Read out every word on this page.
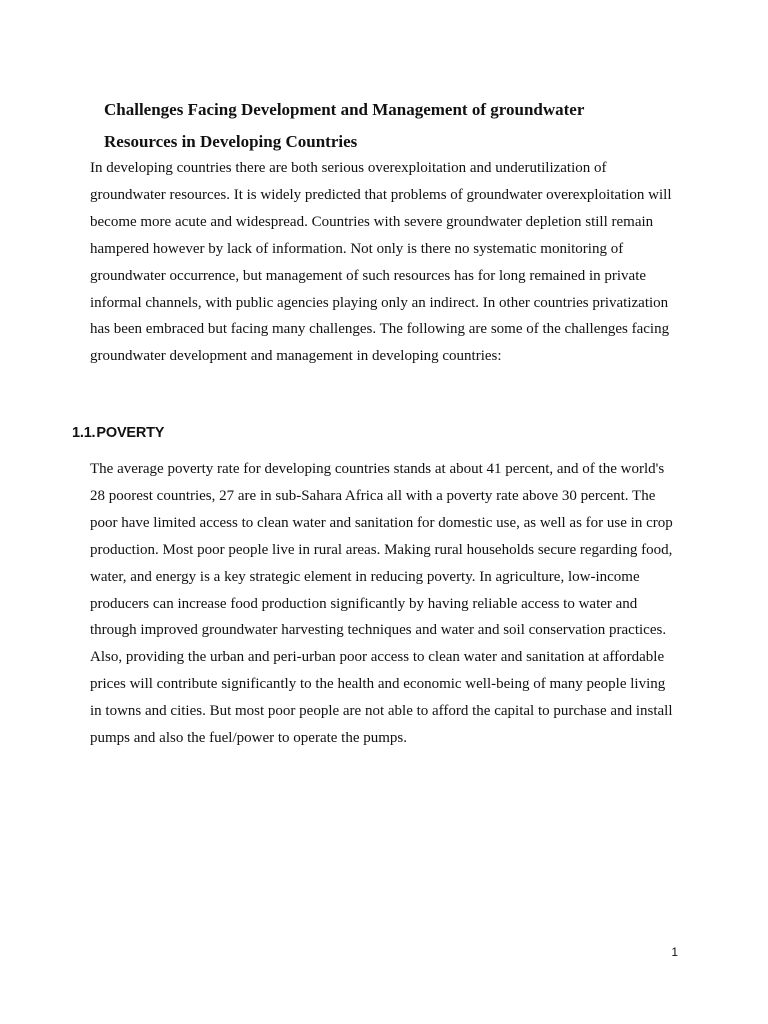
Challenges Facing Development and Management of groundwater
Resources in Developing Countries

In developing countries there are both serious overexploitation and underutilization of
groundwater resources. It is widely predicted that problems of groundwater overexploitation will
become more acute and widespread. Countries with severe groundwater depletion still remain
hampered however by lack of information. Not only is there no systematic monitoring of
groundwater occurrence, but management of such resources has for long remained in private
informal channels, with public agencies playing only an indirect. In other countries privatization
has been embraced but facing many challenges. The following are some of the challenges facing
groundwater development and management in developing countries:

1.1.POVERTY

The average poverty rate for developing countries stands at about 41 percent, and of the world's
28 poorest countries, 27 are in sub-Sahara Africa all with a poverty rate above 30 percent. The
poor have limited access to clean water and sanitation for domestic use, as well as for use in crop
production. Most poor people live in rural areas. Making rural households secure regarding food,
water, and energy is a key strategic element in reducing poverty. In agriculture, low-income
producers can increase food production significantly by having reliable access to water and
through improved groundwater harvesting techniques and water and soil conservation practices.
Also, providing the urban and peri-urban poor access to clean water and sanitation at affordable
prices will contribute significantly to the health and economic well-being of many people living
in towns and cities. But most poor people are not able to afford the capital to purchase and install
pumps and also the fuel/power to operate the pumps.

1
